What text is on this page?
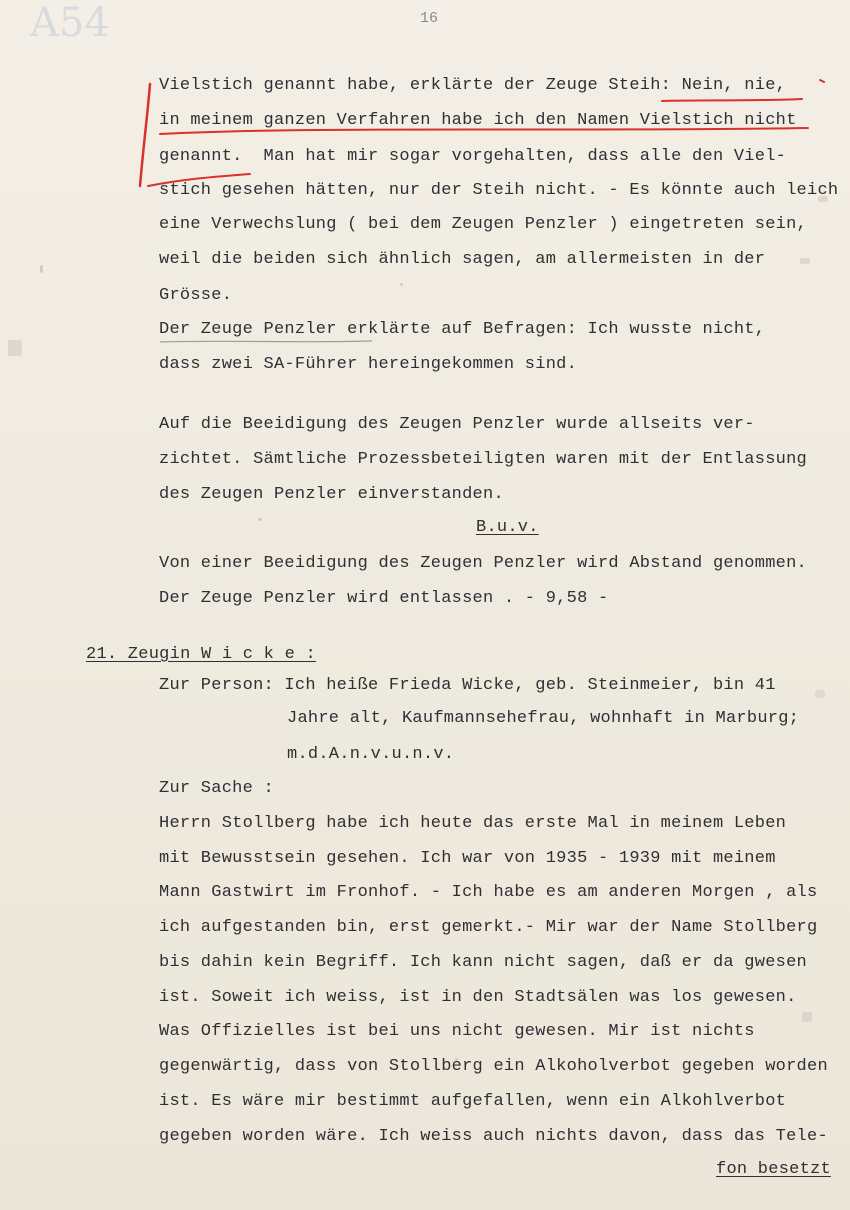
A54	16
Vielstich genannt habe, erklärte der Zeuge Steih: Nein, nie,
in meinem ganzen Verfahren habe ich den Namen Vielstich nicht
genannt.  Man hat mir sogar vorgehalten, dass alle den Viel-
stich gesehen hätten, nur der Steih nicht. - Es könnte auch leich
eine Verwechslung ( bei dem Zeugen Penzler ) eingetreten sein,
weil die beiden sich ähnlich sagen, am allermeisten in der
Grösse.
Der Zeuge Penzler erklärte auf Befragen: Ich wusste nicht,
dass zwei SA-Führer hereingekommen sind.
Auf die Beeidigung des Zeugen Penzler wurde allseits ver-
zichtet. Sämtliche Prozessbeteiligten waren mit der Entlassung
des Zeugen Penzler einverstanden.
B.u.v.
Von einer Beeidigung des Zeugen Penzler wird Abstand genommen.
Der Zeuge Penzler wird entlassen . - 9,58 -
21. Zeugin W i c k e :
Zur Person: Ich heiße Frieda Wicke, geb. Steinmeier, bin 41
Jahre alt, Kaufmannsehefrau, wohnhaft in Marburg;
m.d.A.n.v.u.n.v.
Zur Sache :
Herrn Stollberg habe ich heute das erste Mal in meinem Leben
mit Bewusstsein gesehen. Ich war von 1935 - 1939 mit meinem
Mann Gastwirt im Fronhof. - Ich habe es am anderen Morgen , als
ich aufgestanden bin, erst gemerkt.- Mir war der Name Stollberg
bis dahin kein Begriff. Ich kann nicht sagen, daß er da gwesen
ist. Soweit ich weiss, ist in den Stadtsälen was los gewesen.
Was Offizielles ist bei uns nicht gewesen. Mir ist nichts
gegenwärtig, dass von Stollberg ein Alkoholverbot gegeben worden
ist. Es wäre mir bestimmt aufgefallen, wenn ein Alkohlverbot
gegeben worden wäre. Ich weiss auch nichts davon, dass das Tele-
fon besetzt
